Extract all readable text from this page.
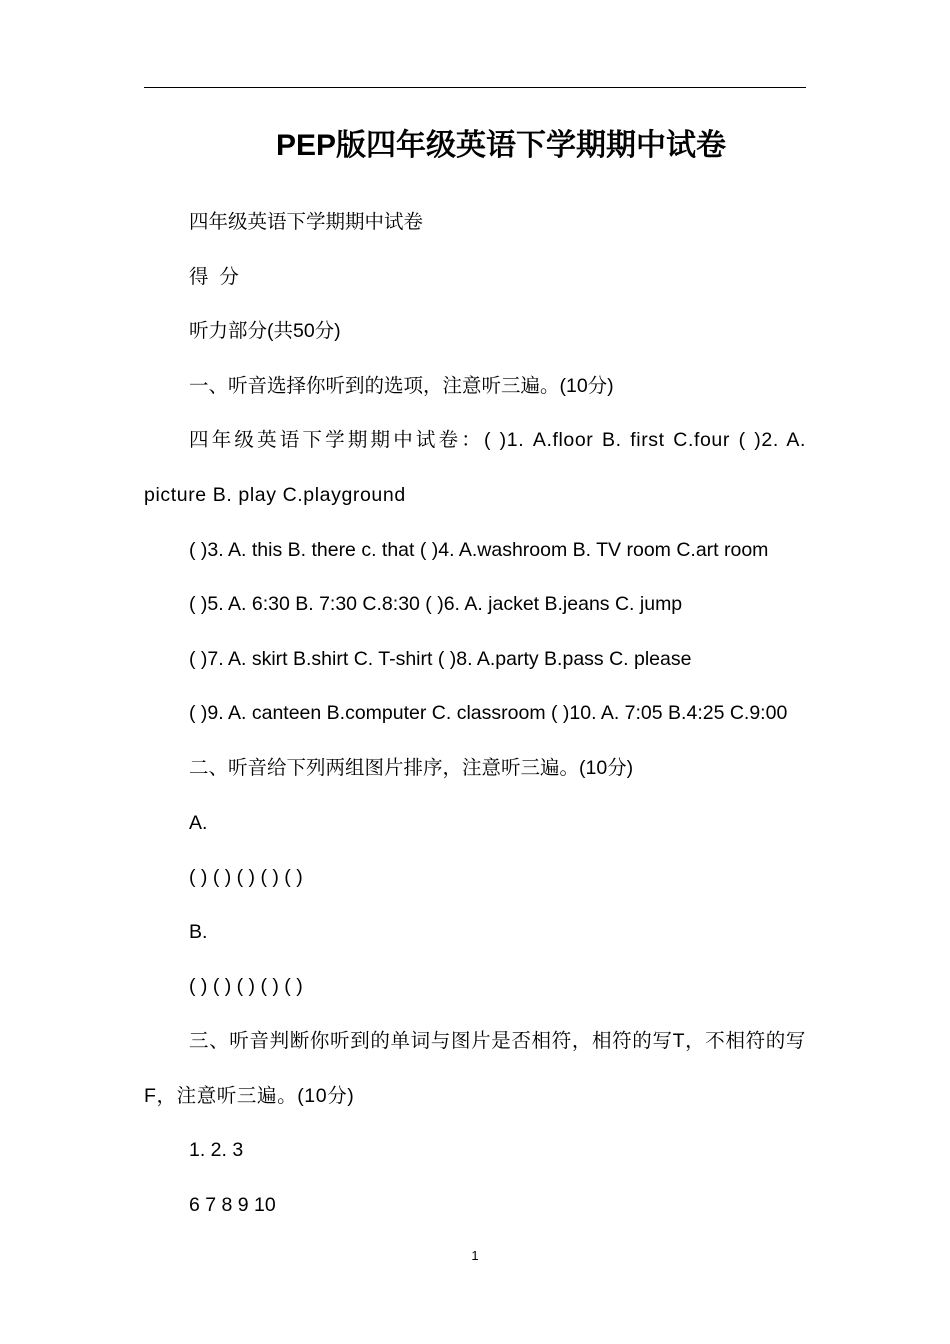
PEP版四年级英语下学期期中试卷

四年级英语下学期期中试卷

得  分

听力部分(共50分)

一、听音选择你听到的选项，注意听三遍。(10分)

四年级英语下学期期中试卷：( )1. A.floor B. first C.four ( )2. A. picture B. play C.playground

( )3. A. this B. there c. that ( )4. A.washroom B. TV room C.art room

( )5. A. 6:30 B. 7:30 C.8:30 ( )6. A. jacket B.jeans C. jump

( )7. A. skirt B.shirt C. T-shirt ( )8. A.party B.pass C. please

( )9. A. canteen B.computer C. classroom ( )10. A. 7:05 B.4:25 C.9:00

二、听音给下列两组图片排序，注意听三遍。(10分)

A.

( ) ( ) ( ) ( ) ( )

B.

( ) ( ) ( ) ( ) ( )

三、听音判断你听到的单词与图片是否相符，相符的写T，不相符的写F，注意听三遍。(10分)

1. 2. 3

6 7 8 9 10

1
